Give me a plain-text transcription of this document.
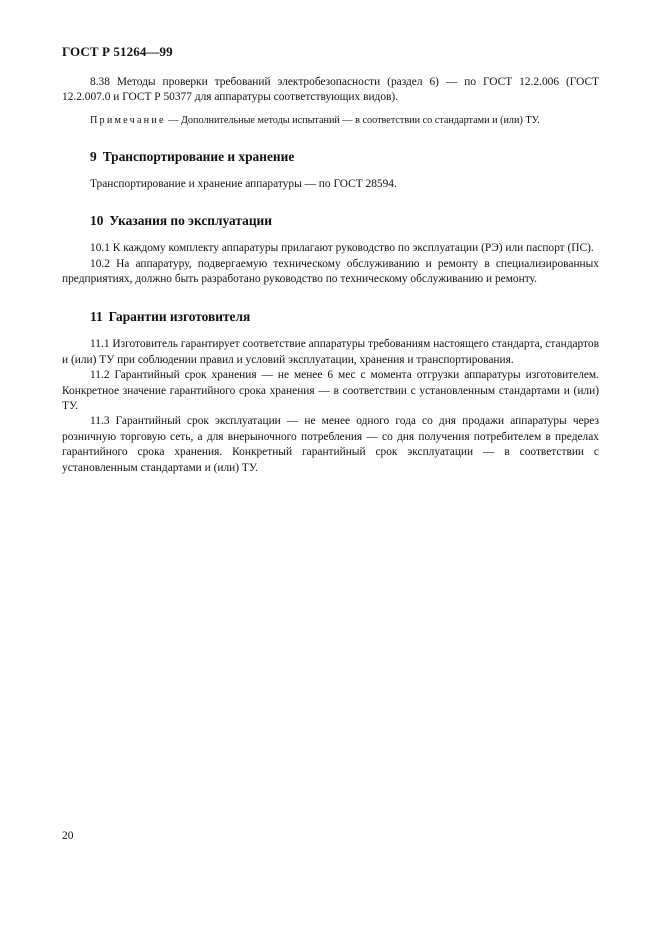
ГОСТ Р 51264—99

8.38 Методы проверки требований электробезопасности (раздел 6) — по ГОСТ 12.2.006 (ГОСТ 12.2.007.0 и ГОСТ Р 50377 для аппаратуры соответствующих видов).

Примечание — Дополнительные методы испытаний — в соответствии со стандартами и (или) ТУ.

9 Транспортирование и хранение

Транспортирование и хранение аппаратуры — по ГОСТ 28594.

10 Указания по эксплуатации

10.1 К каждому комплекту аппаратуры прилагают руководство по эксплуатации (РЭ) или паспорт (ПС).

10.2 На аппаратуру, подвергаемую техническому обслуживанию и ремонту в специализированных предприятиях, должно быть разработано руководство по техническому обслуживанию и ремонту.

11 Гарантии изготовителя

11.1 Изготовитель гарантирует соответствие аппаратуры требованиям настоящего стандарта, стандартов и (или) ТУ при соблюдении правил и условий эксплуатации, хранения и транспортирования.

11.2 Гарантийный срок хранения — не менее 6 мес с момента отгрузки аппаратуры изготовителем. Конкретное значение гарантийного срока хранения — в соответствии с установленным стандартами и (или) ТУ.

11.3 Гарантийный срок эксплуатации — не менее одного года со дня продажи аппаратуры через розничную торговую сеть, а для внерыночного потребления — со дня получения потребителем в пределах гарантийного срока хранения. Конкретный гарантийный срок эксплуатации — в соответствии с установленным стандартами и (или) ТУ.

20
